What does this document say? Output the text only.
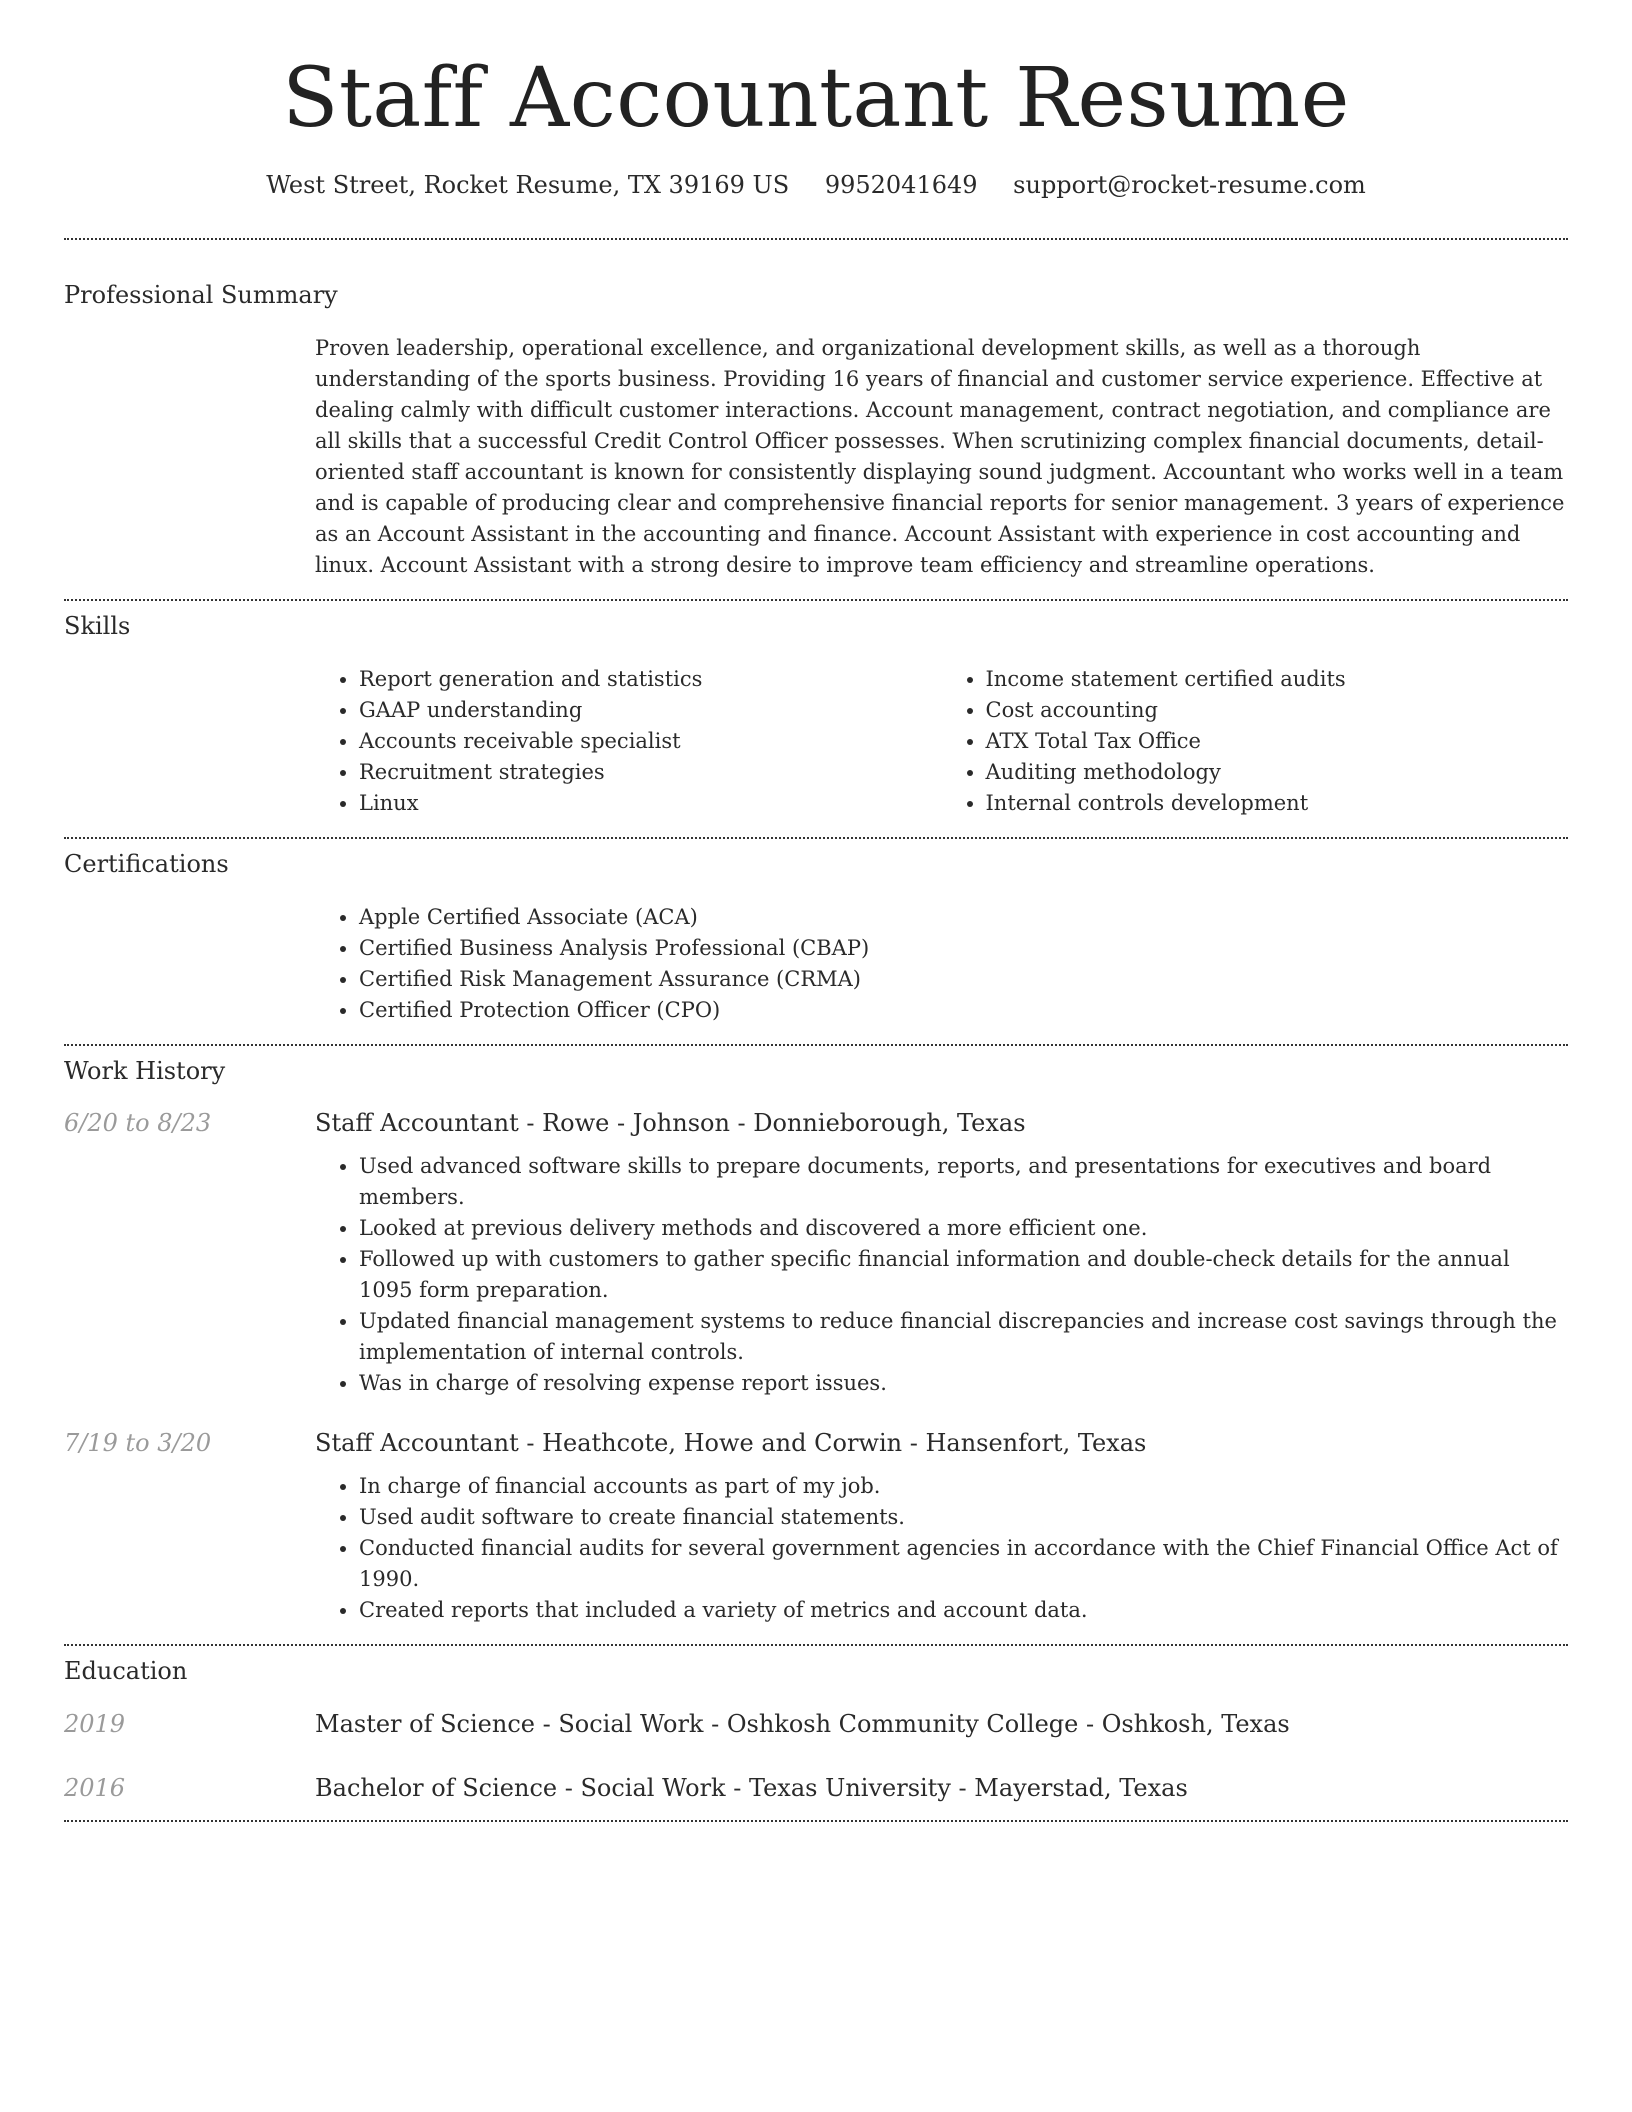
Staff Accountant Resume
West Street, Rocket Resume, TX 39169 US 9952041649 support@rocket-resume.com
Professional Summary

Proven leadership, operational excellence, and organizational development skills, as well as a thorough understanding of the sports business. Providing 16 years of financial and customer service experience. Effective at dealing calmly with difficult customer interactions. Account management, contract negotiation, and compliance are all skills that a successful Credit Control Officer possesses. When scrutinizing complex financial documents, detail-oriented staff accountant is known for consistently displaying sound judgment. Accountant who works well in a team and is capable of producing clear and comprehensive financial reports for senior management. 3 years of experience as an Account Assistant in the accounting and finance. Account Assistant with experience in cost accounting and linux. Account Assistant with a strong desire to improve team efficiency and streamline operations.

Skills
• Report generation and statistics
• GAAP understanding
• Accounts receivable specialist
• Recruitment strategies
• Linux
• Income statement certified audits
• Cost accounting
• ATX Total Tax Office
• Auditing methodology
• Internal controls development
Certifications
• Apple Certified Associate (ACA)
• Certified Business Analysis Professional (CBAP)
• Certified Risk Management Assurance (CRMA)
• Certified Protection Officer (CPO)
Work History
6/20 to 8/23	Staff Accountant - Rowe - Johnson - Donnieborough, Texas
• Used advanced software skills to prepare documents, reports, and presentations for executives and board members.
• Looked at previous delivery methods and discovered a more efficient one.
• Followed up with customers to gather specific financial information and double-check details for the annual 1095 form preparation.
• Updated financial management systems to reduce financial discrepancies and increase cost savings through the implementation of internal controls.
• Was in charge of resolving expense report issues.
7/19 to 3/20	Staff Accountant - Heathcote, Howe and Corwin - Hansenfort, Texas
• In charge of financial accounts as part of my job.
• Used audit software to create financial statements.
• Conducted financial audits for several government agencies in accordance with the Chief Financial Office Act of 1990.
• Created reports that included a variety of metrics and account data.
Education
2019	Master of Science - Social Work - Oshkosh Community College - Oshkosh, Texas
2016	Bachelor of Science - Social Work - Texas University - Mayerstad, Texas
